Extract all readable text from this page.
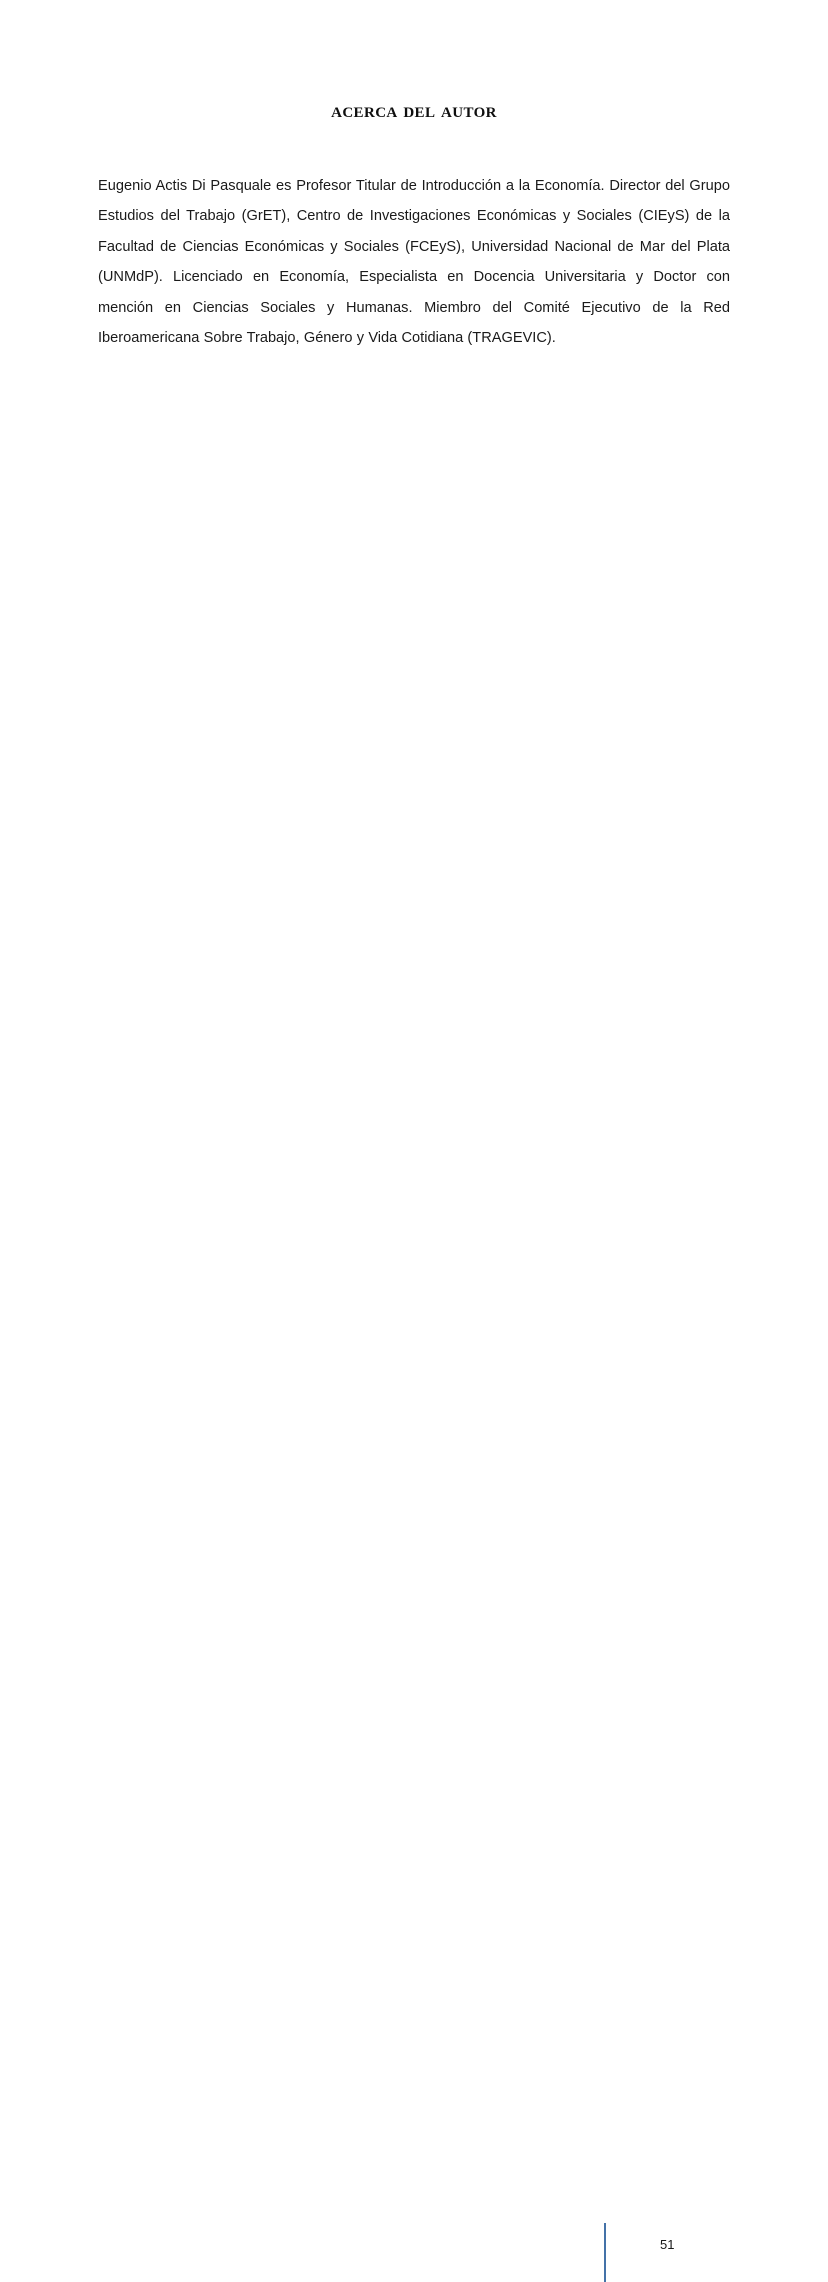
acerca del autor

Eugenio Actis Di Pasquale es Profesor Titular de Introducción a la Economía. Director del Grupo Estudios del Trabajo (GrET), Centro de Investigaciones Económicas y Sociales (CIEyS) de la Facultad de Ciencias Económicas y Sociales (FCEyS), Universidad Nacional de Mar del Plata (UNMdP). Licenciado en Economía, Especialista en Docencia Universitaria y Doctor con mención en Ciencias Sociales y Humanas. Miembro del Comité Ejecutivo de la Red Iberoamericana Sobre Trabajo, Género y Vida Cotidiana (TRAGEVIC).

51
